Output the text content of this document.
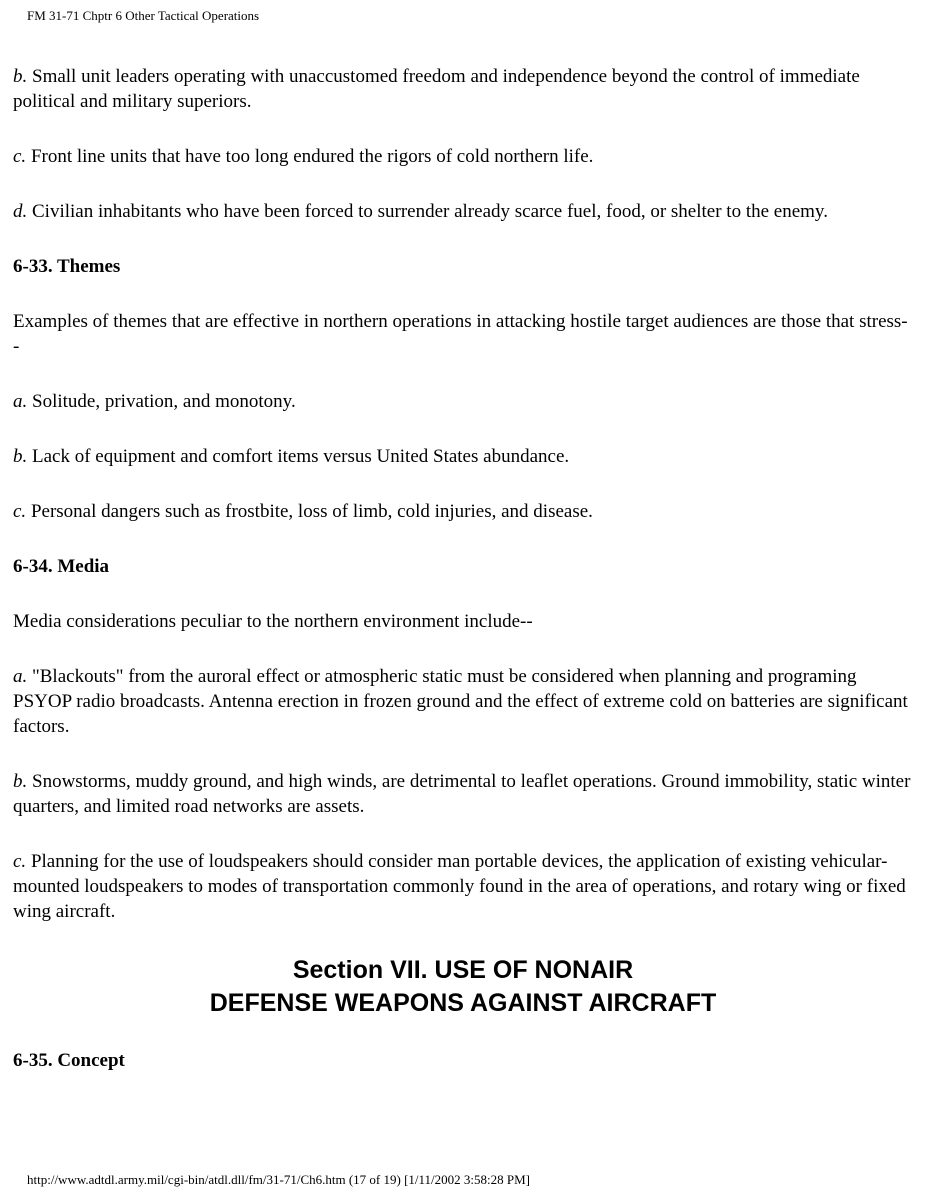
FM 31-71 Chptr 6 Other Tactical Operations

b. Small unit leaders operating with unaccustomed freedom and independence beyond the control of immediate political and military superiors.

c. Front line units that have too long endured the rigors of cold northern life.

d. Civilian inhabitants who have been forced to surrender already scarce fuel, food, or shelter to the enemy.

6-33. Themes

Examples of themes that are effective in northern operations in attacking hostile target audiences are those that stress--

a. Solitude, privation, and monotony.

b. Lack of equipment and comfort items versus United States abundance.

c. Personal dangers such as frostbite, loss of limb, cold injuries, and disease.

6-34. Media

Media considerations peculiar to the northern environment include--

a. "Blackouts" from the auroral effect or atmospheric static must be considered when planning and programing PSYOP radio broadcasts. Antenna erection in frozen ground and the effect of extreme cold on batteries are significant factors.

b. Snowstorms, muddy ground, and high winds, are detrimental to leaflet operations. Ground immobility, static winter quarters, and limited road networks are assets.

c. Planning for the use of loudspeakers should consider man portable devices, the application of existing vehicular-mounted loudspeakers to modes of transportation commonly found in the area of operations, and rotary wing or fixed wing aircraft.

Section VII. USE OF NONAIR
DEFENSE WEAPONS AGAINST AIRCRAFT
6-35. Concept
http://www.adtdl.army.mil/cgi-bin/atdl.dll/fm/31-71/Ch6.htm (17 of 19) [1/11/2002 3:58:28 PM]
